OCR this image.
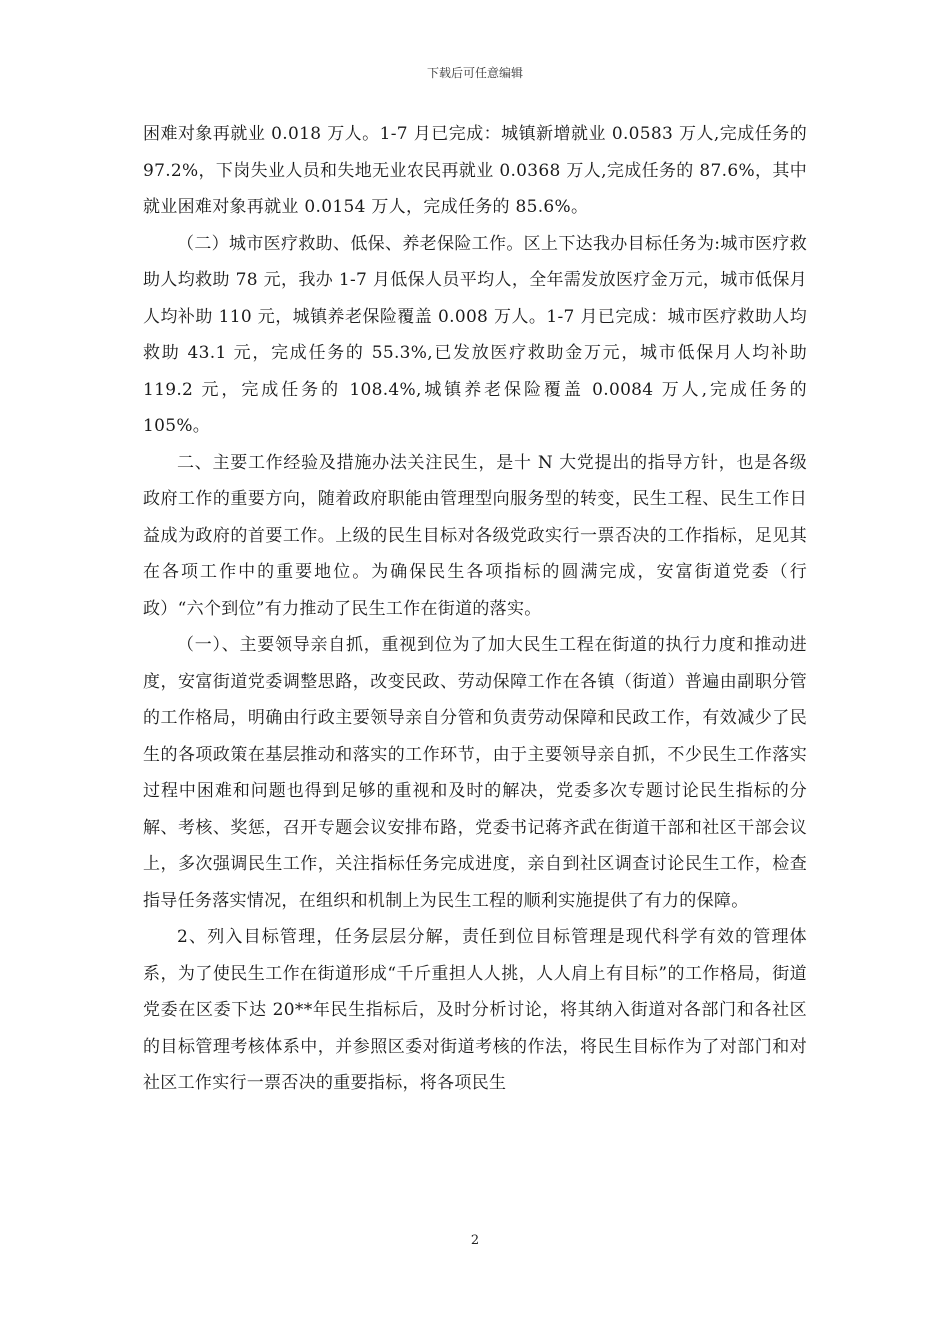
下载后可任意编辑

困难对象再就业 0.018 万人。1-7 月已完成：城镇新增就业 0.0583 万人,完成任务的 97.2%，下岗失业人员和失地无业农民再就业 0.0368 万人,完成任务的 87.6%，其中就业困难对象再就业 0.0154 万人，完成任务的 85.6%。

（二）城市医疗救助、低保、养老保险工作。区上下达我办目标任务为:城市医疗救助人均救助 78 元，我办 1-7 月低保人员平均人，全年需发放医疗金万元，城市低保月人均补助 110 元，城镇养老保险覆盖 0.008 万人。1-7 月已完成：城市医疗救助人均救助 43.1 元，完成任务的 55.3%,已发放医疗救助金万元，城市低保月人均补助 119.2 元，完成任务的 108.4%,城镇养老保险覆盖 0.0084 万人,完成任务的 105%。

二、主要工作经验及措施办法关注民生，是十 N 大党提出的指导方针，也是各级政府工作的重要方向，随着政府职能由管理型向服务型的转变，民生工程、民生工作日益成为政府的首要工作。上级的民生目标对各级党政实行一票否决的工作指标，足见其在各项工作中的重要地位。为确保民生各项指标的圆满完成，安富街道党委（行政）“六个到位”有力推动了民生工作在街道的落实。

（一）、主要领导亲自抓，重视到位为了加大民生工程在街道的执行力度和推动进度，安富街道党委调整思路，改变民政、劳动保障工作在各镇（街道）普遍由副职分管的工作格局，明确由行政主要领导亲自分管和负责劳动保障和民政工作，有效减少了民生的各项政策在基层推动和落实的工作环节，由于主要领导亲自抓，不少民生工作落实过程中困难和问题也得到足够的重视和及时的解决，党委多次专题讨论民生指标的分解、考核、奖惩，召开专题会议安排布路，党委书记蒋齐武在街道干部和社区干部会议上，多次强调民生工作，关注指标任务完成进度，亲自到社区调查讨论民生工作，检查指导任务落实情况，在组织和机制上为民生工程的顺利实施提供了有力的保障。

2、列入目标管理，任务层层分解，责任到位目标管理是现代科学有效的管理体系，为了使民生工作在街道形成“千斤重担人人挑，人人肩上有目标”的工作格局，街道党委在区委下达 20**年民生指标后，及时分析讨论，将其纳入街道对各部门和各社区的目标管理考核体系中，并参照区委对街道考核的作法，将民生目标作为了对部门和对社区工作实行一票否决的重要指标，将各项民生

2
